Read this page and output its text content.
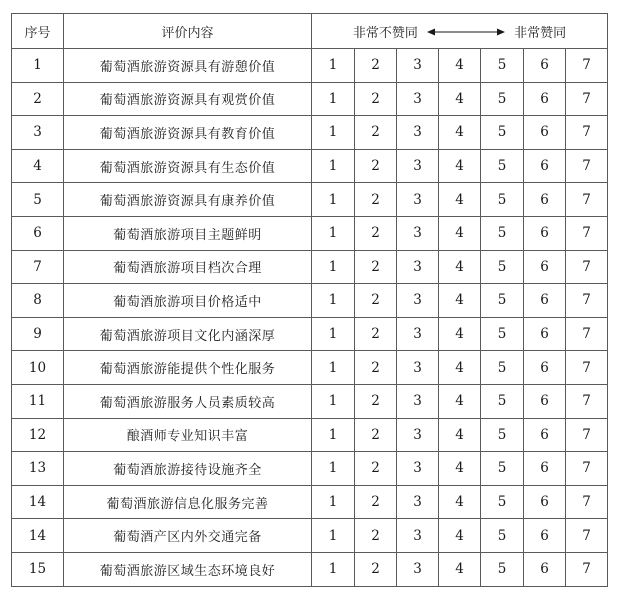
序号	评价内容	非常不赞同 非常赞同						
1	葡萄酒旅游资源具有游憩价值	1	2	3	4	5	6	7
2	葡萄酒旅游资源具有观赏价值	1	2	3	4	5	6	7
3	葡萄酒旅游资源具有教育价值	1	2	3	4	5	6	7
4	葡萄酒旅游资源具有生态价值	1	2	3	4	5	6	7
5	葡萄酒旅游资源具有康养价值	1	2	3	4	5	6	7
6	葡萄酒旅游项目主题鲜明	1	2	3	4	5	6	7
7	葡萄酒旅游项目档次合理	1	2	3	4	5	6	7
8	葡萄酒旅游项目价格适中	1	2	3	4	5	6	7
9	葡萄酒旅游项目文化内涵深厚	1	2	3	4	5	6	7
10	葡萄酒旅游能提供个性化服务	1	2	3	4	5	6	7
11	葡萄酒旅游服务人员素质较高	1	2	3	4	5	6	7
12	酿酒师专业知识丰富	1	2	3	4	5	6	7
13	葡萄酒旅游接待设施齐全	1	2	3	4	5	6	7
14	葡萄酒旅游信息化服务完善	1	2	3	4	5	6	7
14	葡萄酒产区内外交通完备	1	2	3	4	5	6	7
15	葡萄酒旅游区域生态环境良好	1	2	3	4	5	6	7
